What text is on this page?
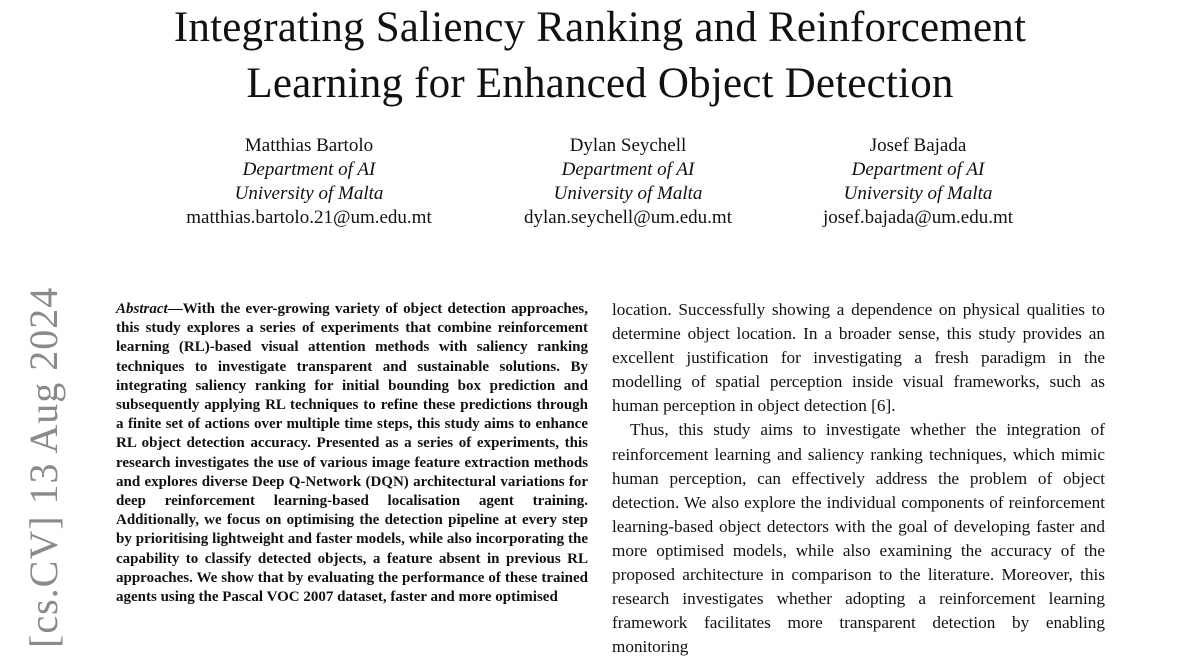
Integrating Saliency Ranking and Reinforcement
Learning for Enhanced Object Detection
Matthias Bartolo
Department of AI
University of Malta
matthias.bartolo.21@um.edu.mt
Dylan Seychell
Department of AI
University of Malta
dylan.seychell@um.edu.mt
Josef Bajada
Department of AI
University of Malta
josef.bajada@um.edu.mt
[cs.CV] 13 Aug 2024	Abstract—With the ever-growing variety of object detection approaches, this study explores a series of experiments that combine reinforcement learning (RL)-based visual attention methods with saliency ranking techniques to investigate transparent and sustainable solutions. By integrating saliency ranking for initial bounding box prediction and subsequently applying RL techniques to refine these predictions through a finite set of actions over multiple time steps, this study aims to enhance RL object detection accuracy. Presented as a series of experiments, this research investigates the use of various image feature extraction methods and explores diverse Deep Q-Network (DQN) architectural variations for deep reinforcement learning-based localisation agent training. Additionally, we focus on optimising the detection pipeline at every step by prioritising lightweight and faster models, while also incorporating the capability to classify detected objects, a feature absent in previous RL approaches. We show that by evaluating the performance of these trained agents using the Pascal VOC 2007 dataset, faster and more optimised

location. Successfully showing a dependence on physical qualities to determine object location. In a broader sense, this study provides an excellent justification for investigating a fresh paradigm in the modelling of spatial perception inside visual frameworks, such as human perception in object detection [6].

Thus, this study aims to investigate whether the integration of reinforcement learning and saliency ranking techniques, which mimic human perception, can effectively address the problem of object detection. We also explore the individual components of reinforcement learning-based object detectors with the goal of developing faster and more optimised models, while also examining the accuracy of the proposed architecture in comparison to the literature. Moreover, this research investigates whether adopting a reinforcement learning framework facilitates more transparent detection by enabling monitoring
